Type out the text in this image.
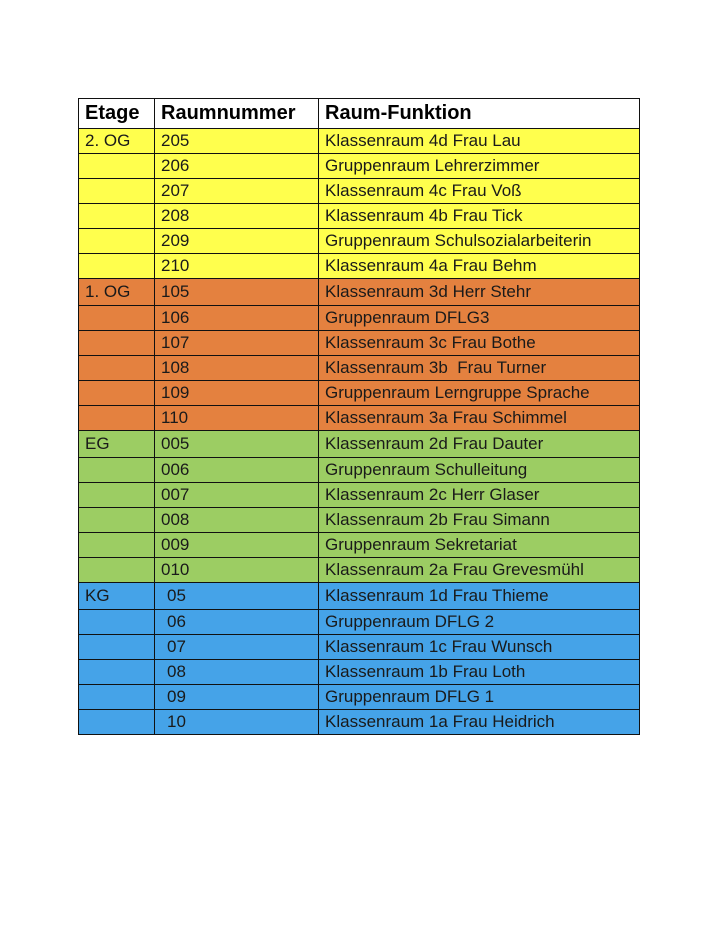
Etage	Raumnummer	Raum-Funktion
2. OG	205	Klassenraum 4d Frau Lau
	206	Gruppenraum Lehrerzimmer
	207	Klassenraum 4c Frau Voß
	208	Klassenraum 4b Frau Tick
	209	Gruppenraum Schulsozialarbeiterin
	210	Klassenraum 4a Frau Behm
1. OG	105	Klassenraum 3d Herr Stehr
	106	Gruppenraum DFLG3
	107	Klassenraum 3c Frau Bothe
	108	Klassenraum 3b  Frau Turner
	109	Gruppenraum Lerngruppe Sprache
	110	Klassenraum 3a Frau Schimmel
EG	005	Klassenraum 2d Frau Dauter
	006	Gruppenraum Schulleitung
	007	Klassenraum 2c Herr Glaser
	008	Klassenraum 2b Frau Simann
	009	Gruppenraum Sekretariat
	010	Klassenraum 2a Frau Grevesmühl
KG	05	Klassenraum 1d Frau Thieme
	06	Gruppenraum DFLG 2
	07	Klassenraum 1c Frau Wunsch
	08	Klassenraum 1b Frau Loth
	09	Gruppenraum DFLG 1
	10	Klassenraum 1a Frau Heidrich
